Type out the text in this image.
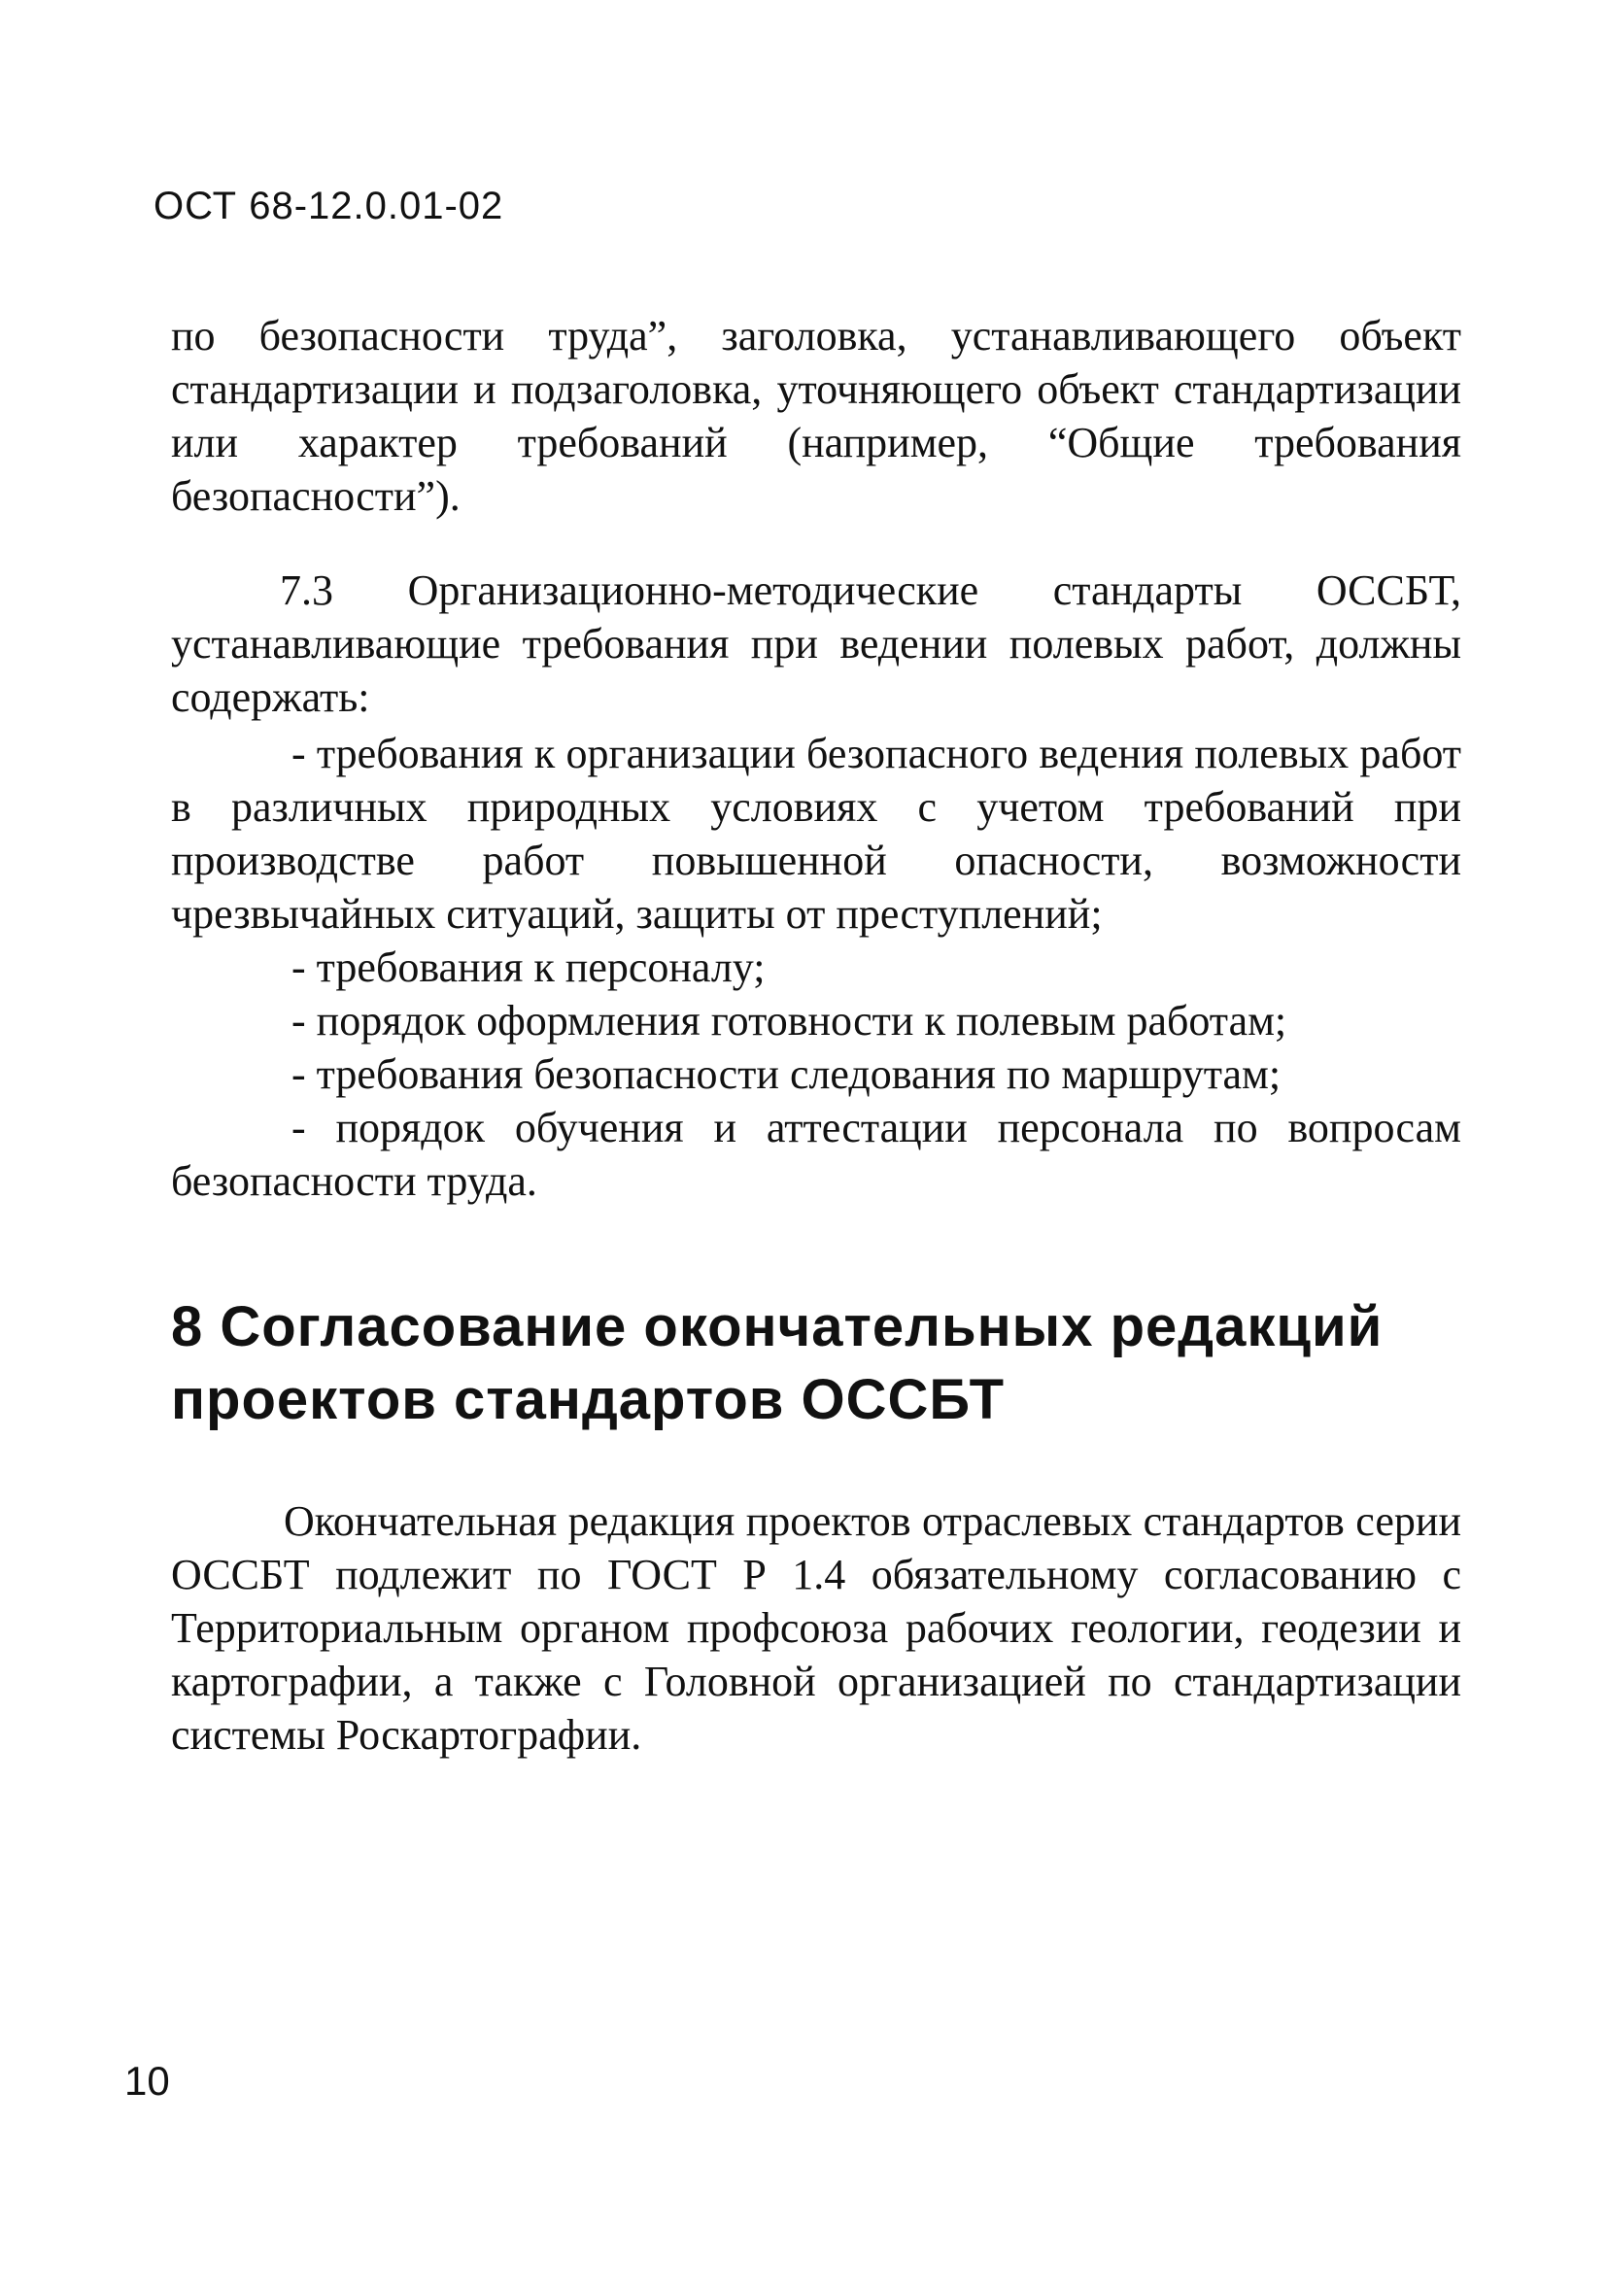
ОСТ 68-12.0.01-02

по безопасности труда”, заголовка, устанавливающего объект стандартизации и подзаголовка, уточняющего объект стандартизации или характер требований (например, “Общие требования безопасности”).

7.3 Организационно-методические стандарты ОССБТ, устанавливающие требования при ведении полевых работ, должны содержать:

- требования к организации безопасного ведения полевых работ в различных природных условиях с учетом требований при производстве работ повышенной опасности, возможности чрезвычайных ситуаций, защиты от преступлений;
- требования к персоналу;
- порядок оформления готовности к полевым работам;
- требования безопасности следования по маршрутам;
- порядок обучения и аттестации персонала по вопросам безопасности труда.
8 Согласование окончательных редакций проектов стандартов ОССБТ

Окончательная редакция проектов отраслевых стандартов серии ОССБТ подлежит по ГОСТ Р 1.4 обязательному согласованию с Территориальным органом профсоюза рабочих геологии, геодезии и картографии, а также с Головной организацией по стандартизации системы Роскартографии.

10
